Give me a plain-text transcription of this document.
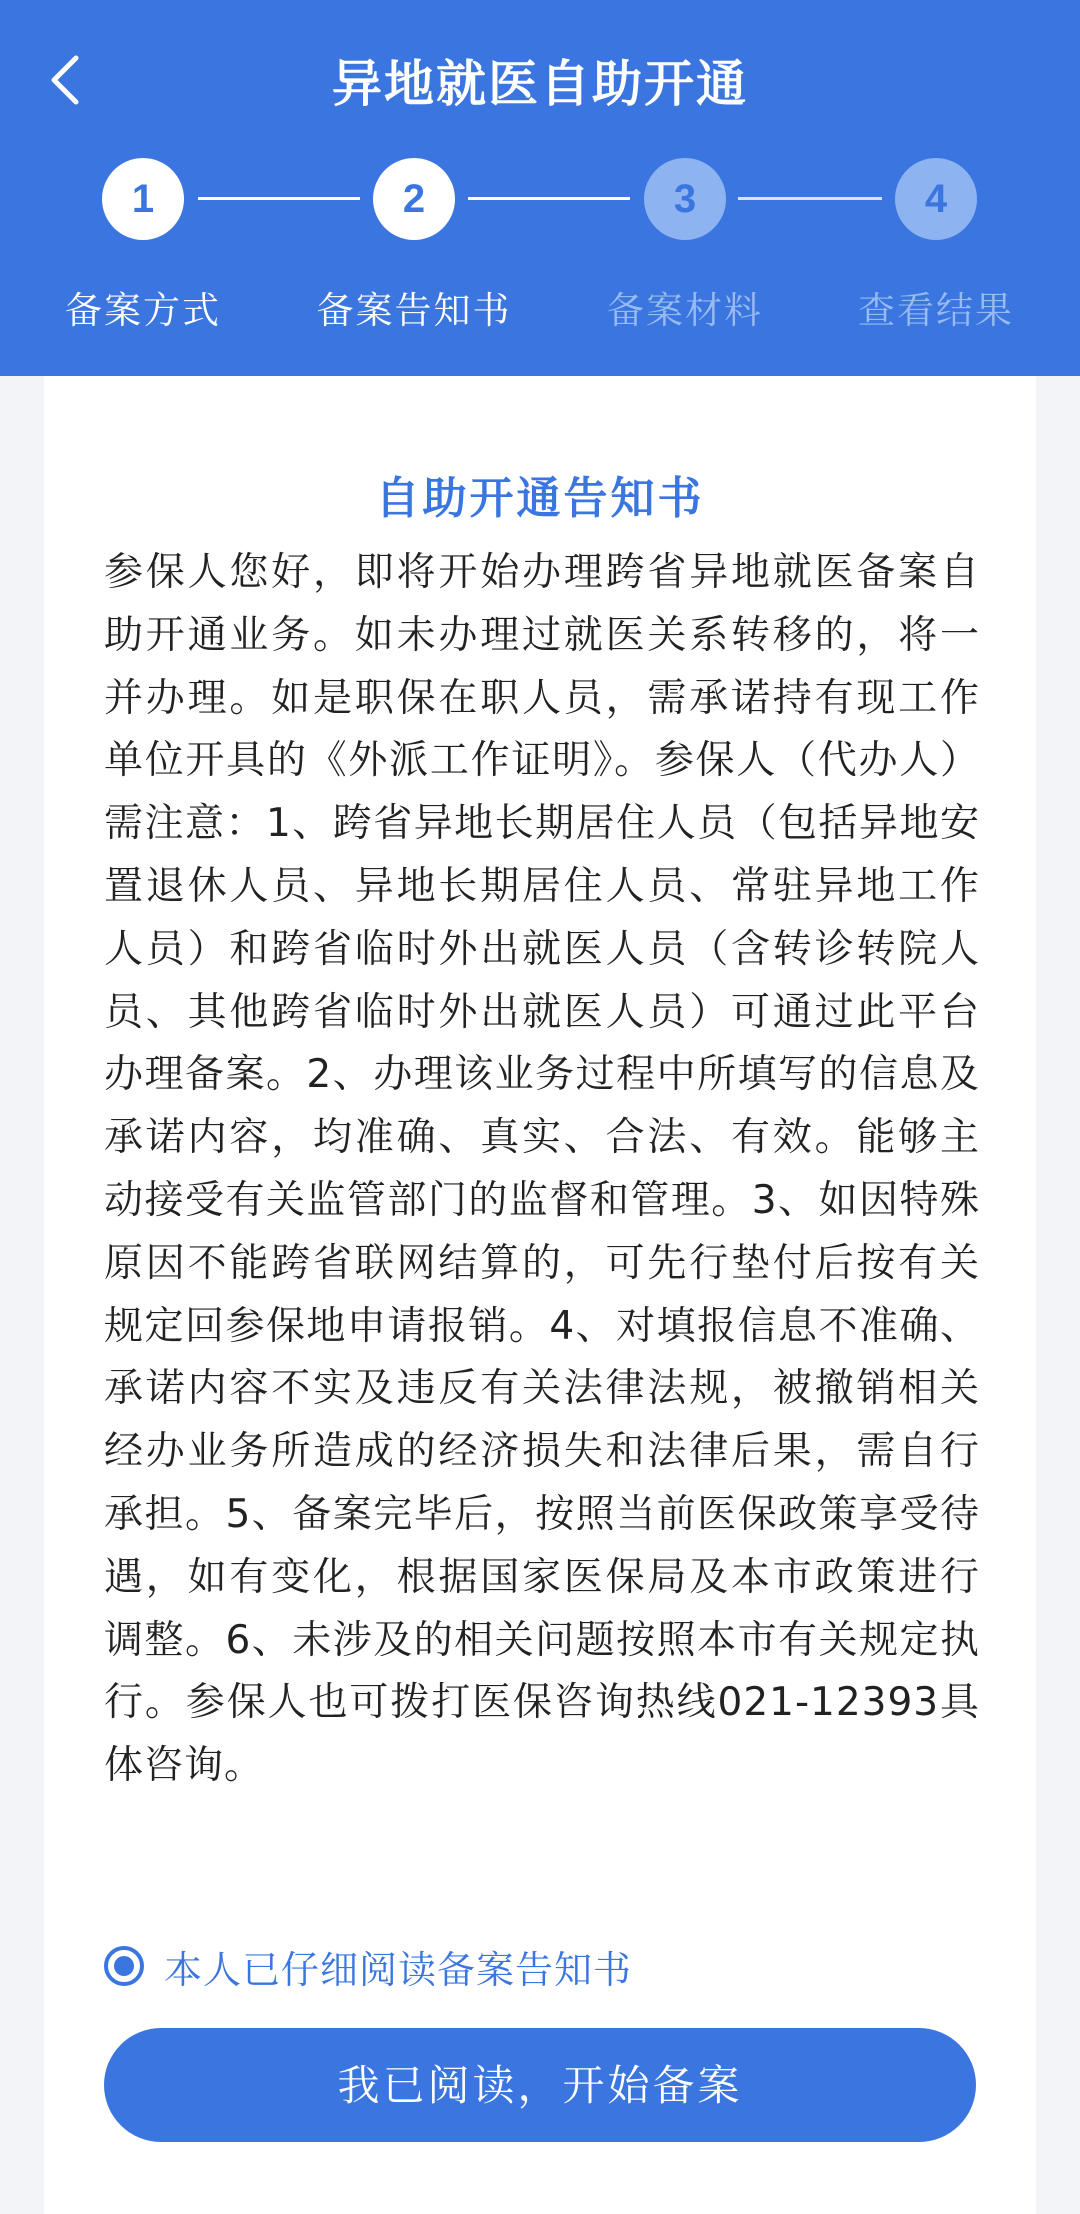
异地就医自助开通
1	2	3	4
备案方式	备案告知书	备案材料	查看结果
自助开通告知书

参保人您好，即将开始办理跨省异地就医备案自助开通业务。如未办理过就医关系转移的，将一并办理。如是职保在职人员，需承诺持有现工作单位开具的《外派工作证明》。参保人（代办人）需注意：1、跨省异地长期居住人员（包括异地安置退休人员、异地长期居住人员、常驻异地工作人员）和跨省临时外出就医人员（含转诊转院人员、其他跨省临时外出就医人员）可通过此平台办理备案。2、办理该业务过程中所填写的信息及承诺内容，均准确、真实、合法、有效。能够主动接受有关监管部门的监督和管理。3、如因特殊原因不能跨省联网结算的，可先行垫付后按有关规定回参保地申请报销。4、对填报信息不准确、承诺内容不实及违反有关法律法规，被撤销相关经办业务所造成的经济损失和法律后果，需自行承担。5、备案完毕后，按照当前医保政策享受待遇，如有变化，根据国家医保局及本市政策进行调整。6、未涉及的相关问题按照本市有关规定执行。参保人也可拨打医保咨询热线021-12393具体咨询。

本人已仔细阅读备案告知书
我已阅读，开始备案
